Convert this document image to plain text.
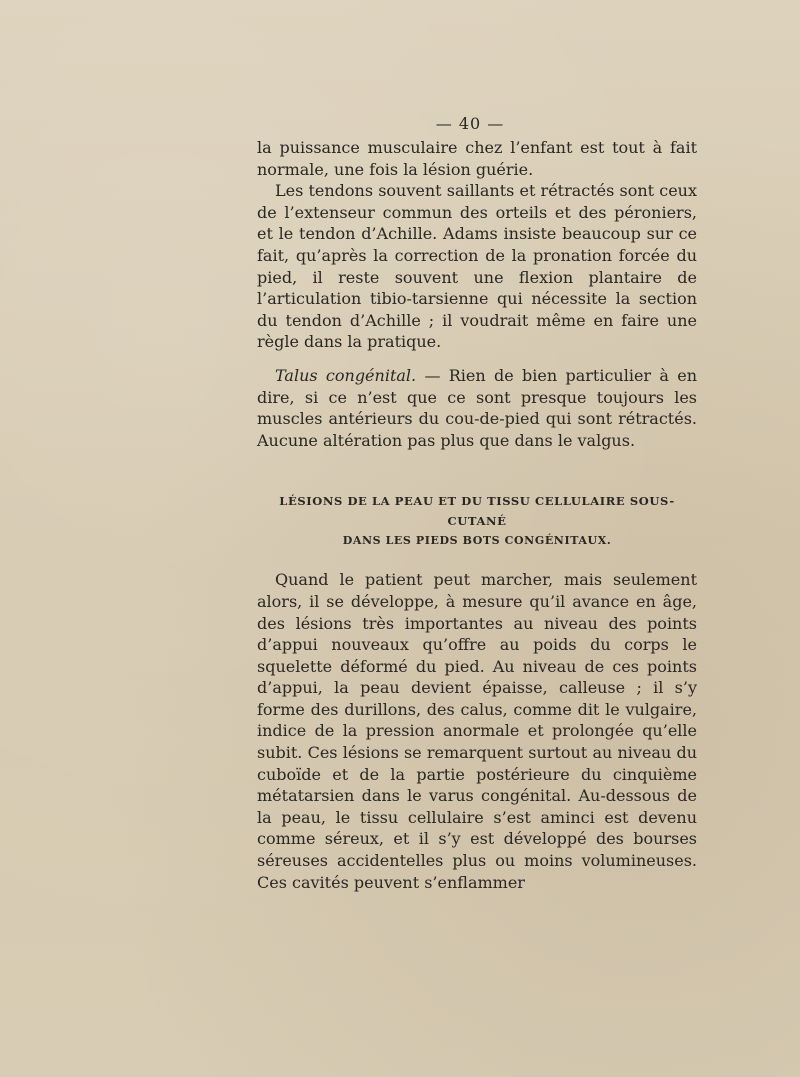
— 40 —

la puissance musculaire chez l’enfant est tout à fait normale, une fois la lésion guérie.

Les tendons souvent saillants et rétractés sont ceux de l’extenseur commun des orteils et des péroniers, et le tendon d’Achille. Adams insiste beaucoup sur ce fait, qu’après la correction de la pronation forcée du pied, il reste souvent une flexion plantaire de l’articulation tibio-tarsienne qui nécessite la section du tendon d’Achille ; il voudrait même en faire une règle dans la pratique.

Talus congénital. — Rien de bien particulier à en dire, si ce n’est que ce sont presque toujours les muscles antérieurs du cou-de-pied qui sont rétractés. Aucune altération pas plus que dans le valgus.

LÉSIONS DE LA PEAU ET DU TISSU CELLULAIRE SOUS-CUTANÉ

DANS LES PIEDS BOTS CONGÉNITAUX.

Quand le patient peut marcher, mais seulement alors, il se développe, à mesure qu’il avance en âge, des lésions très importantes au niveau des points d’appui nouveaux qu’offre au poids du corps le squelette déformé du pied. Au niveau de ces points d’appui, la peau devient épaisse, calleuse ; il s’y forme des durillons, des calus, comme dit le vulgaire, indice de la pression anormale et prolongée qu’elle subit. Ces lésions se remarquent surtout au niveau du cuboïde et de la partie postérieure du cinquième métatarsien dans le varus congénital. Au-dessous de la peau, le tissu cellulaire s’est aminci est devenu comme séreux, et il s’y est développé des bourses séreuses accidentelles plus ou moins volumineuses. Ces cavités peuvent s’enflammer
